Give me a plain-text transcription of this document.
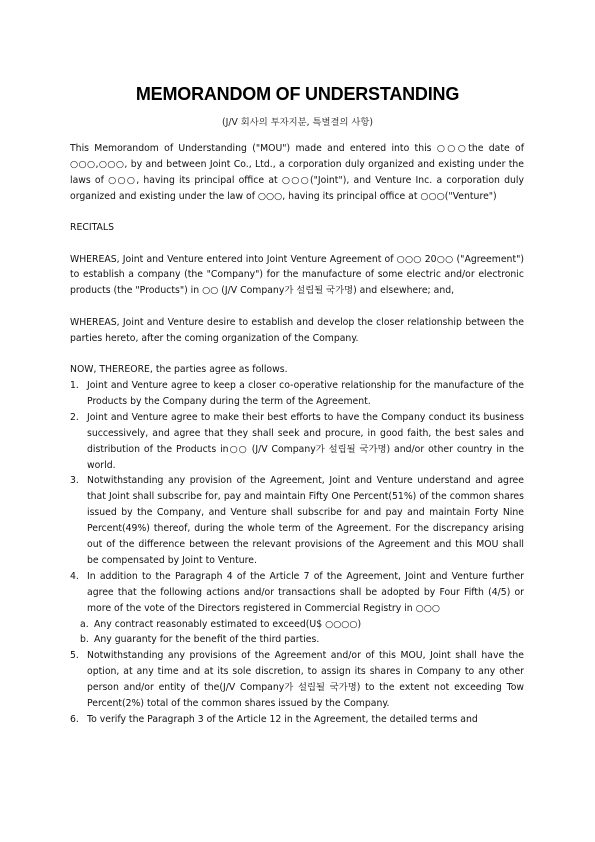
MEMORANDOM OF UNDERSTANDING
(J/V 회사의 투자지분, 특별결의 사항)

This Memorandom of Understanding ("MOU") made and entered into this ○○○the date of ○○○,○○○, by and between Joint Co., Ltd., a corporation duly organized and existing under the laws of ○○○, having its principal office at ○○○("Joint"), and Venture Inc. a corporation duly organized and existing under the law of ○○○, having its principal office at ○○○("Venture")

RECITALS

WHEREAS, Joint and Venture entered into Joint Venture Agreement of ○○○ 20○○ ("Agreement") to establish a company (the "Company") for the manufacture of some electric and/or electronic products (the "Products") in ○○ (J/V Company가 설립될 국가명) and elsewhere; and,

WHEREAS, Joint and Venture desire to establish and develop the closer relationship between the parties hereto, after the coming organization of the Company.

NOW, THEREORE, the parties agree as follows.

1. Joint and Venture agree to keep a closer co-operative relationship for the manufacture of the Products by the Company during the term of the Agreement.
2. Joint and Venture agree to make their best efforts to have the Company conduct its business successively, and agree that they shall seek and procure, in good faith, the best sales and distribution of the Products in○○ (J/V Company가 설립될 국가명) and/or other country in the world.
3. Notwithstanding any provision of the Agreement, Joint and Venture understand and agree that Joint shall subscribe for, pay and maintain Fifty One Percent(51%) of the common shares issued by the Company, and Venture shall subscribe for and pay and maintain Forty Nine Percent(49%) thereof, during the whole term of the Agreement. For the discrepancy arising out of the difference between the relevant provisions of the Agreement and this MOU shall be compensated by Joint to Venture.
4. In addition to the Paragraph 4 of the Article 7 of the Agreement, Joint and Venture further agree that the following actions and/or transactions shall be adopted by Four Fifth (4/5) or more of the vote of the Directors registered in Commercial Registry in ○○○
a. Any contract reasonably estimated to exceed(U$ ○○○○)
b. Any guaranty for the benefit of the third parties.
5. Notwithstanding any provisions of the Agreement and/or of this MOU, Joint shall have the option, at any time and at its sole discretion, to assign its shares in Company to any other person and/or entity of the(J/V Company가 설립될 국가명) to the extent not exceeding Tow Percent(2%) total of the common shares issued by the Company.
6. To verify the Paragraph 3 of the Article 12 in the Agreement, the detailed terms and
